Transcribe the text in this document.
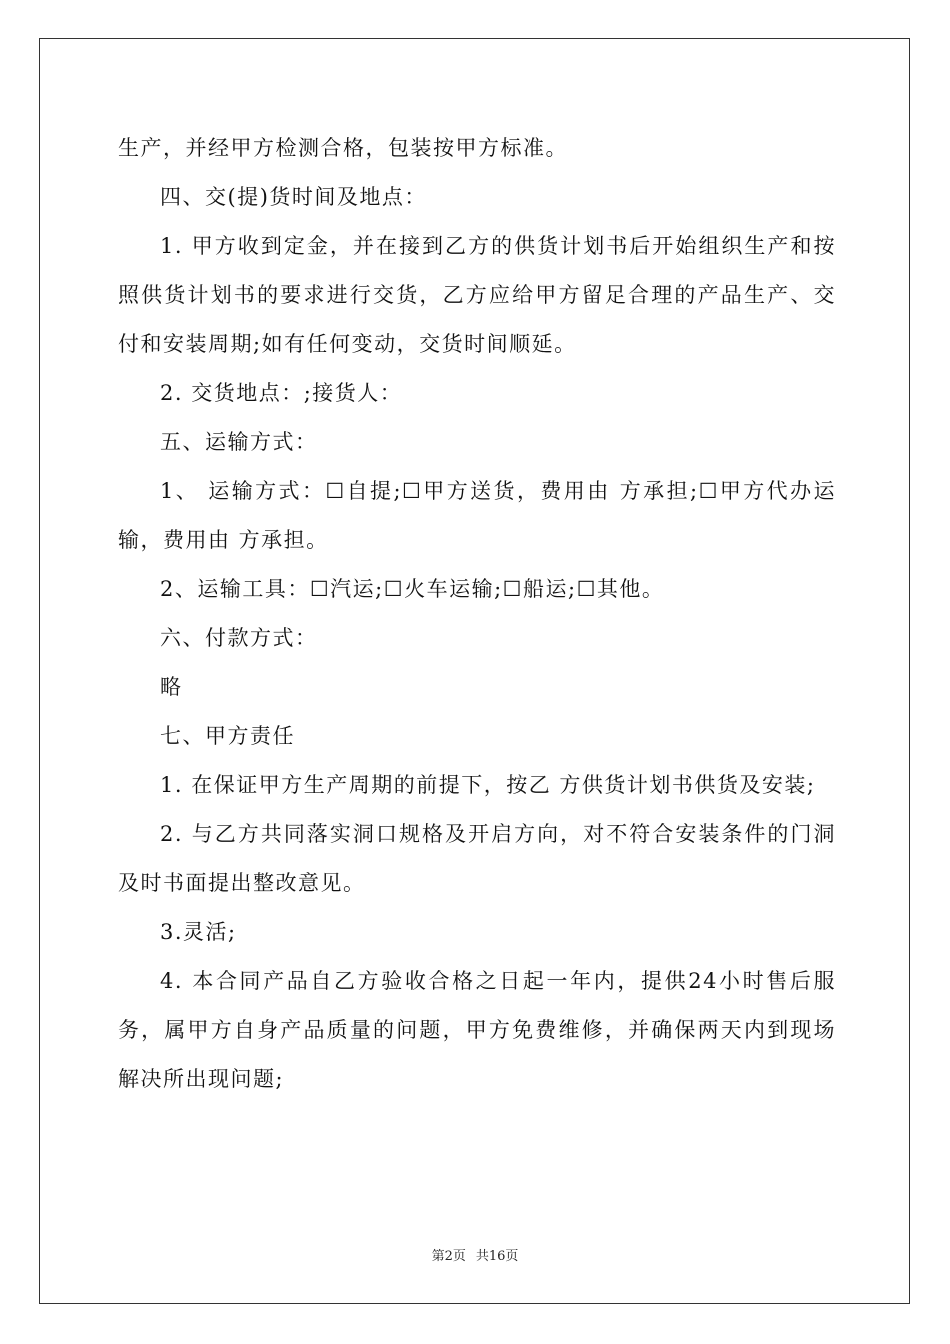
生产，并经甲方检测合格，包装按甲方标准。

四、交(提)货时间及地点：

1. 甲方收到定金，并在接到乙方的供货计划书后开始组织生产和按照供货计划书的要求进行交货，乙方应给甲方留足合理的产品生产、交付和安装周期;如有任何变动，交货时间顺延。

2. 交货地点：;接货人：

五、运输方式：

1、 运输方式：☐自提;☐甲方送货，费用由 方承担;☐甲方代办运输，费用由 方承担。

2、运输工具：☐汽运;☐火车运输;☐船运;☐其他。

六、付款方式：

略

七、甲方责任

1. 在保证甲方生产周期的前提下，按乙 方供货计划书供货及安装;

2. 与乙方共同落实洞口规格及开启方向，对不符合安装条件的门洞及时书面提出整改意见。

3.灵活;

4. 本合同产品自乙方验收合格之日起一年内，提供24小时售后服务，属甲方自身产品质量的问题，甲方免费维修，并确保两天内到现场解决所出现问题;

第2页 共16页
